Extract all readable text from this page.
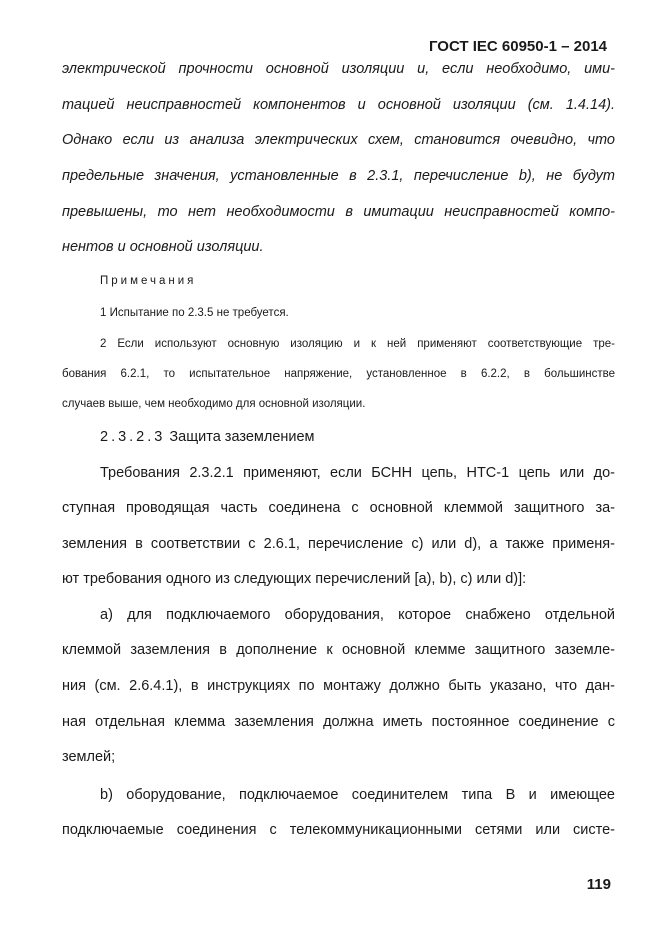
ГОСТ IEC 60950-1 – 2014
электрической прочности основной изоляции и, если необходимо, ими-
тацией неисправностей компонентов и основной изоляции (см. 1.4.14).
Однако если из анализа электрических схем, становится очевидно, что
предельные значения, установленные в 2.3.1, перечисление b), не будут
превышены, то нет необходимости в имитации неисправностей компо-
нентов и основной изоляции.
Примечания
1 Испытание по 2.3.5 не требуется.
2 Если используют основную изоляцию и к ней применяют соответствующие тре-
бования 6.2.1, то испытательное напряжение, установленное в 6.2.2, в большинстве
случаев выше, чем необходимо для основной изоляции.
2.3.2.3 Защита заземлением
Требования 2.3.2.1 применяют, если БСНН цепь, НТС-1 цепь или до-
ступная проводящая часть соединена с основной клеммой защитного за-
земления в соответствии с 2.6.1, перечисление с) или d), а также применя-
ют требования одного из следующих перечислений [a), b), c) или d)]:
a) для подключаемого оборудования, которое снабжено отдельной
клеммой заземления в дополнение к основной клемме защитного заземле-
ния (см. 2.6.4.1), в инструкциях по монтажу должно быть указано, что дан-
ная отдельная клемма заземления должна иметь постоянное соединение с
землей;
b) оборудование, подключаемое соединителем типа В и имеющее
подключаемые соединения с телекоммуникационными сетями или систе-
119
